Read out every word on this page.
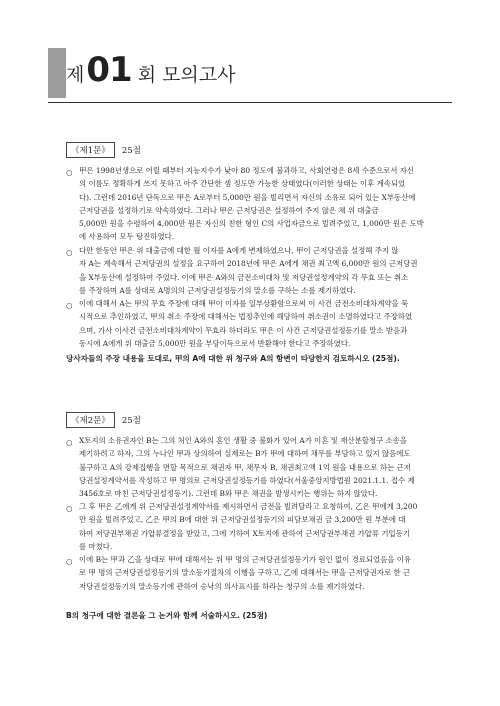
제 01 회 모의고사
《제1문》	25점
○ 甲은 1998년생으로 어릴 때부터 지능지수가 낮아 80 정도에 불과하고, 사회연령은 8세 수준으로서 자신
의 이름도 정확하게 쓰지 못하고 아주 간단한 셈 정도만 가능한 상태였다(이러한 상태는 이후 계속되었
다). 그런데 2016년 단독으로 甲은 A로부터 5,000만 원을 빌리면서 자신의 소유로 되어 있는 X부동산에
근저당권을 설정하기로 약속하였다. 그러나 甲은 근저당권은 설정하여 주지 않은 채 위 대출금
5,000만 원을 수령하여 4,000만 원은 자신의 친한 형인 C의 사업자금으로 빌려주었고, 1,000만 원은 도박
에 사용하여 모두 탕진하였다.
○ 다만 한동안 甲은 위 대출금에 대한 월 이자를 A에게 변제하였으나, 甲이 근저당권을 설정해 주지 않
자 A는 계속해서 근저당권의 설정을 요구하여 2018년에 甲은 A에게 채권 최고액 6,000만 원의 근저당권
을 X부동산에 설정하여 주었다. 이에 甲은 A와의 금전소비대차 및 저당권설정계약의 각 무효 또는 취소
를 주장하며 A를 상대로 A명의의 근저당권설정등기의 말소를 구하는 소를 제기하였다.
○ 이에 대해서 A는 甲의 무효 주장에 대해 甲이 이자를 일부상환함으로써 이 사건 금전소비대차계약을 묵
시적으로 추인하였고, 甲의 취소 주장에 대해서는 법정추인에 해당하여 취소권이 소멸하였다고 주장하였
으며, 가사 이사건 금전소비대차계약이 무효라 하더라도 甲은 이 사건 근저당권설정등기를 말소 받음과
동시에 A에게 위 대출금 5,000만 원을 부당이득으로서 반환해야 한다고 주장하였다.
당사자들의 주장 내용을 토대로, 甲의 A에 대한 위 청구와 A의 항변이 타당한지 검토하시오 (25점).
《제2문》	25점
○ X토지의 소유권자인 B는 그의 처인 A와의 혼인 생활 중 불화가 있어 A가 이혼 및 재산분할청구 소송을
제기하려고 하자, 그의 누나인 甲과 상의하여 실제로는 B가 甲에 대하여 채무를 부담하고 있지 않음에도
불구하고 A의 강제집행을 면할 목적으로 채권자 甲, 채무자 B, 채권최고액 1억 원을 내용으로 하는 근저
당권설정계약서를 작성하고 甲 명의로 근저당권설정등기를 하였다(서울중앙지방법원 2021.1.1. 접수 제
3456호로 마친 근저당권설정등기). 그런데 B와 甲은 채권을 발생시키는 행위는 하지 않았다.
○ 그 후 甲은 乙에게 위 근저당권설정계약서를 제시하면서 금전을 빌려달라고 요청하여, 乙은 甲에게 3,200
만 원을 빌려주었고, 乙은 甲의 B에 대한 위 근저당권설정등기의 피담보채권 금 3,200만 원 부분에 대
하여 저당권부채권 가압류결정을 받았고, 그에 기하여 X토지에 관하여 근저당권부채권 가압류 기입등기
를 마쳤다.
○ 이에 B는 甲과 乙을 상대로 甲에 대해서는 위 甲 명의 근저당권설정등기가 원인 없이 경료되었음을 이유
로 甲 명의 근저당권설정등기의 말소등기절차의 이행을 구하고, 乙에 대해서는 甲을 근저당권자로 한 근
저당권설정등기의 말소등기에 관하여 승낙의 의사표시를 하라는 청구의 소를 제기하였다.
B의 청구에 대한 결론을 그 논거와 함께 서술하시오. (25점)
